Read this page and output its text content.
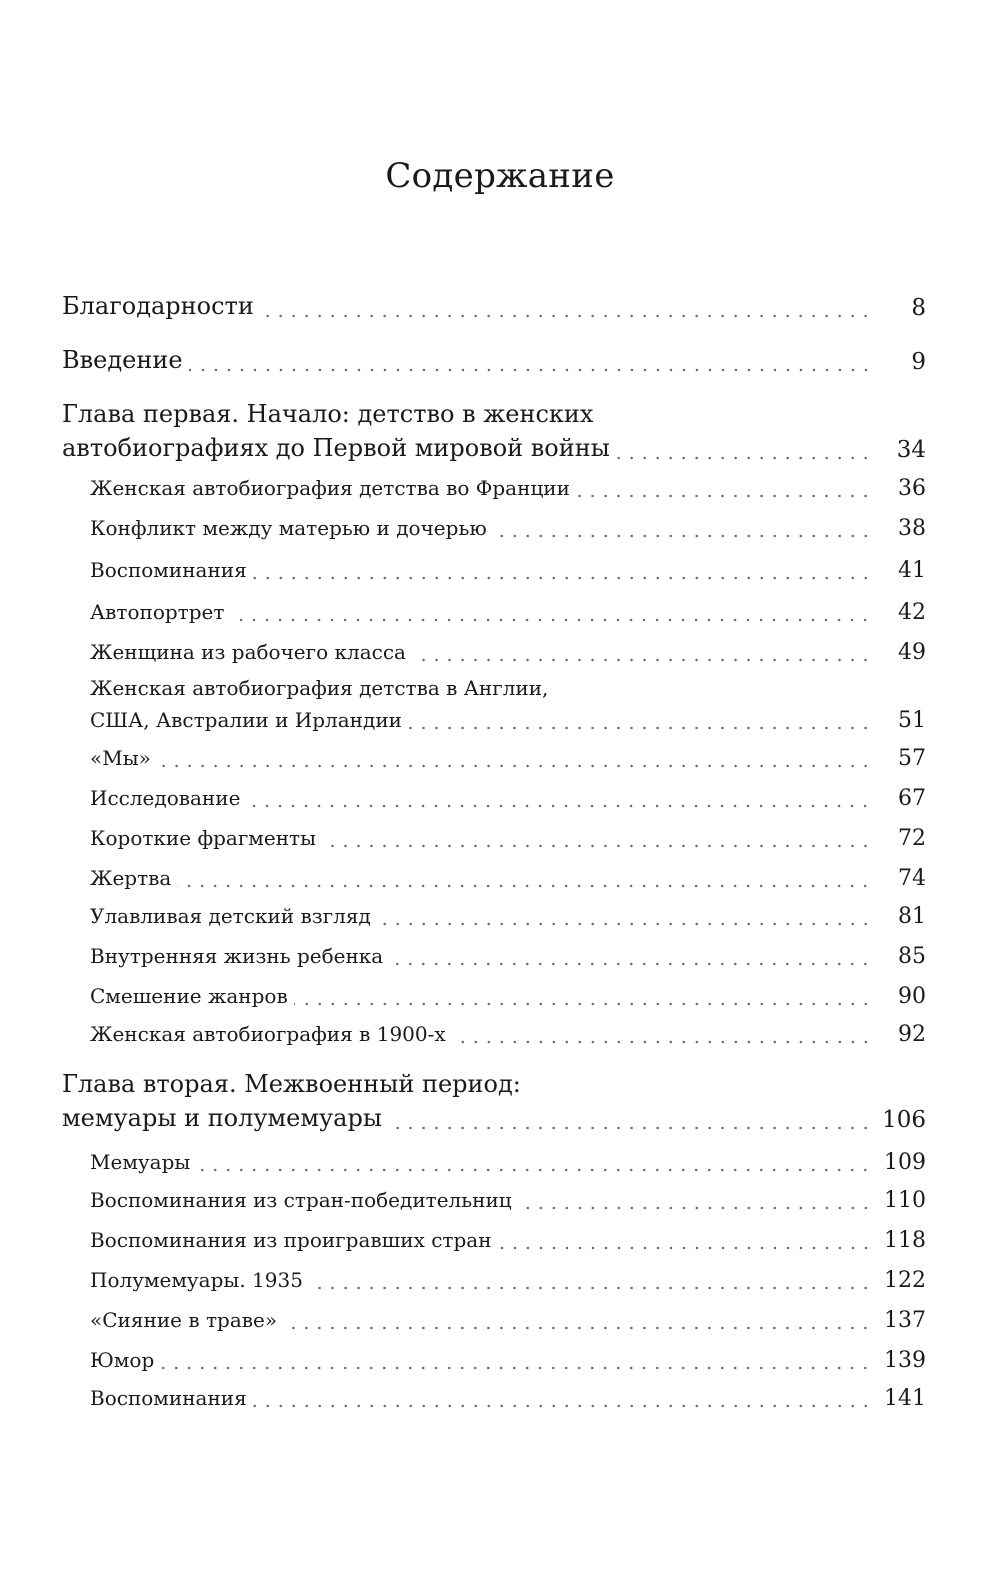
Содержание
Благодарности	8
Введение	9
Глава первая. Начало: детство в женских
автобиографиях до Первой мировой войны	34
Женская автобиография детства во Франции	36
Конфликт между матерью и дочерью	38
Воспоминания	41
Автопортрет	42
Женщина из рабочего класса	49
Женская автобиография детства в Англии,
США, Австралии и Ирландии	51
«Мы»	57
Исследование	67
Короткие фрагменты	72
Жертва	74
Улавливая детский взгляд	81
Внутренняя жизнь ребенка	85
Смешение жанров	90
Женская автобиография в 1900-х	92
Глава вторая. Межвоенный период:
мемуары и полумемуары	106
Мемуары	109
Воспоминания из стран-победительниц	110
Воспоминания из проигравших стран	118
Полумемуары. 1935	122
«Сияние в траве»	137
Юмор	139
Воспоминания	141
